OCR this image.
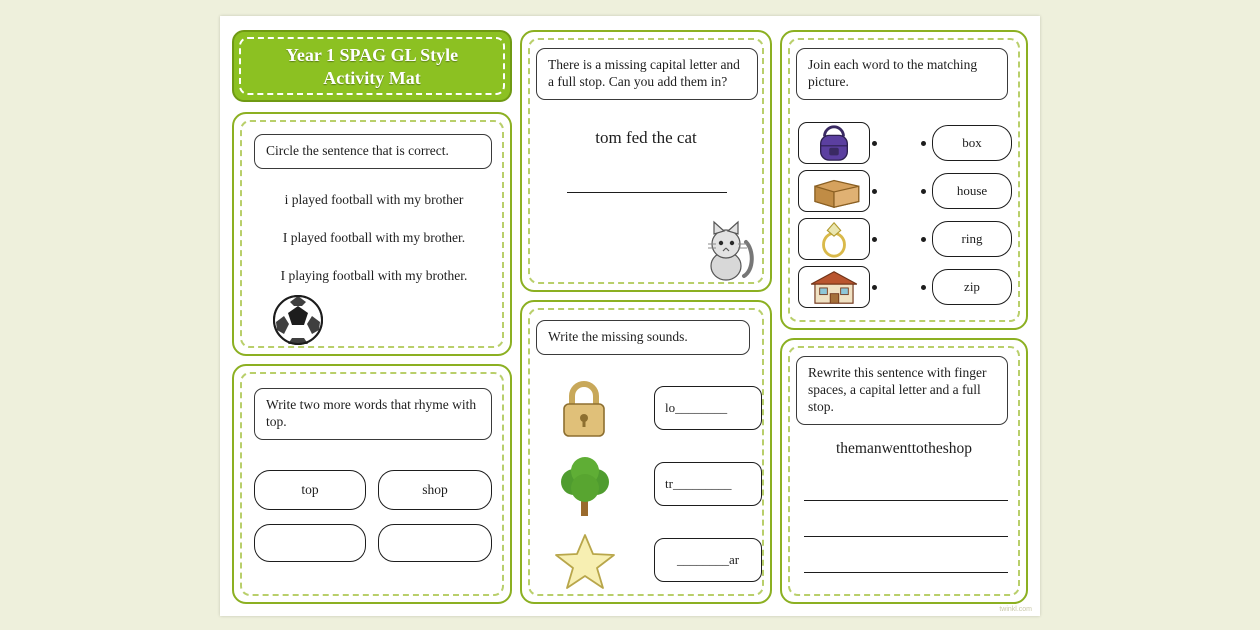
Year 1 SPAG GL Style
Activity Mat
Circle the sentence that is correct.
i played football with my brother
I played football with my brother.
I playing football with my brother.
Write two more words that rhyme with top.
top	shop
There is a missing capital letter and a full stop. Can you add them in?
tom fed the cat
Write the missing sounds.
lo________
tr_________
________ar
Join each word to the matching picture.
box
house
ring
zip
Rewrite this sentence with finger spaces, a capital letter and a full stop.
themanwenttotheshop
twinkl.com
